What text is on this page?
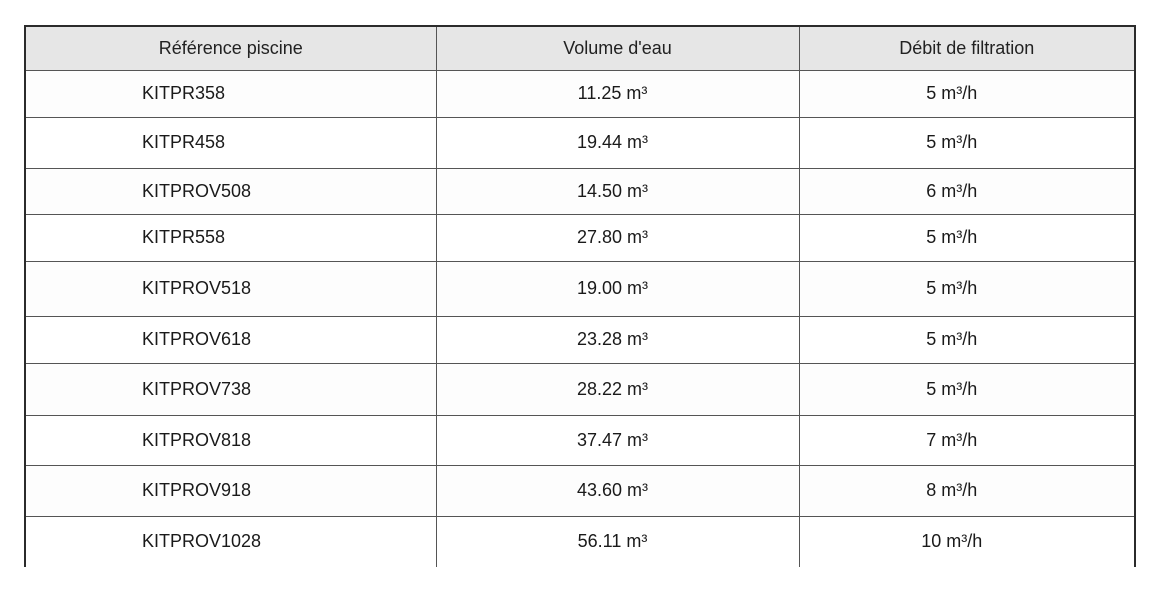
Référence piscine	Volume d'eau	Débit de filtration
KITPR358	11.25 m³	5 m³/h
KITPR458	19.44 m³	5 m³/h
KITPROV508	14.50 m³	6 m³/h
KITPR558	27.80 m³	5 m³/h
KITPROV518	19.00 m³	5 m³/h
KITPROV618	23.28 m³	5 m³/h
KITPROV738	28.22 m³	5 m³/h
KITPROV818	37.47 m³	7 m³/h
KITPROV918	43.60 m³	8 m³/h
KITPROV1028	56.11 m³	10 m³/h
